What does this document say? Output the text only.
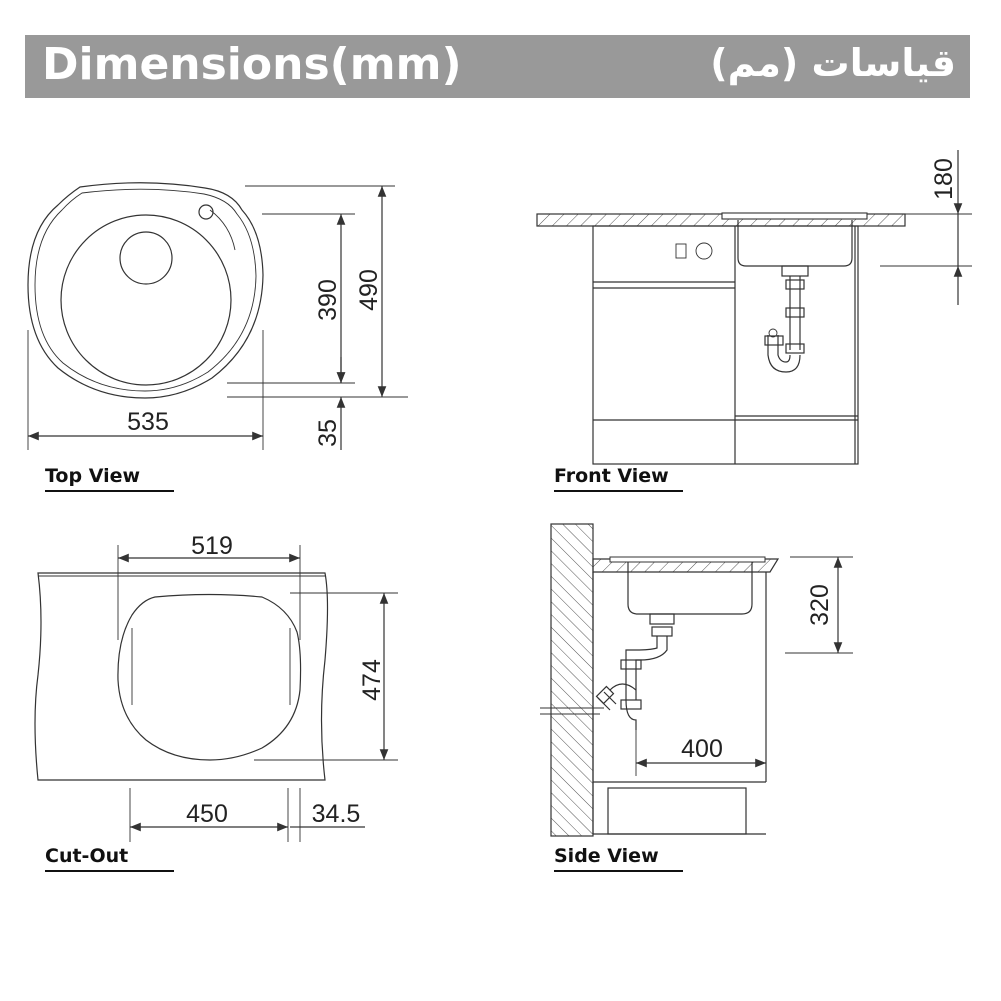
Dimensions(mm)	قیاسات (مم)
490
390
35
535
Top View
180
Front View
519
474
450	34.5
Cut-Out
320
400
Side View
